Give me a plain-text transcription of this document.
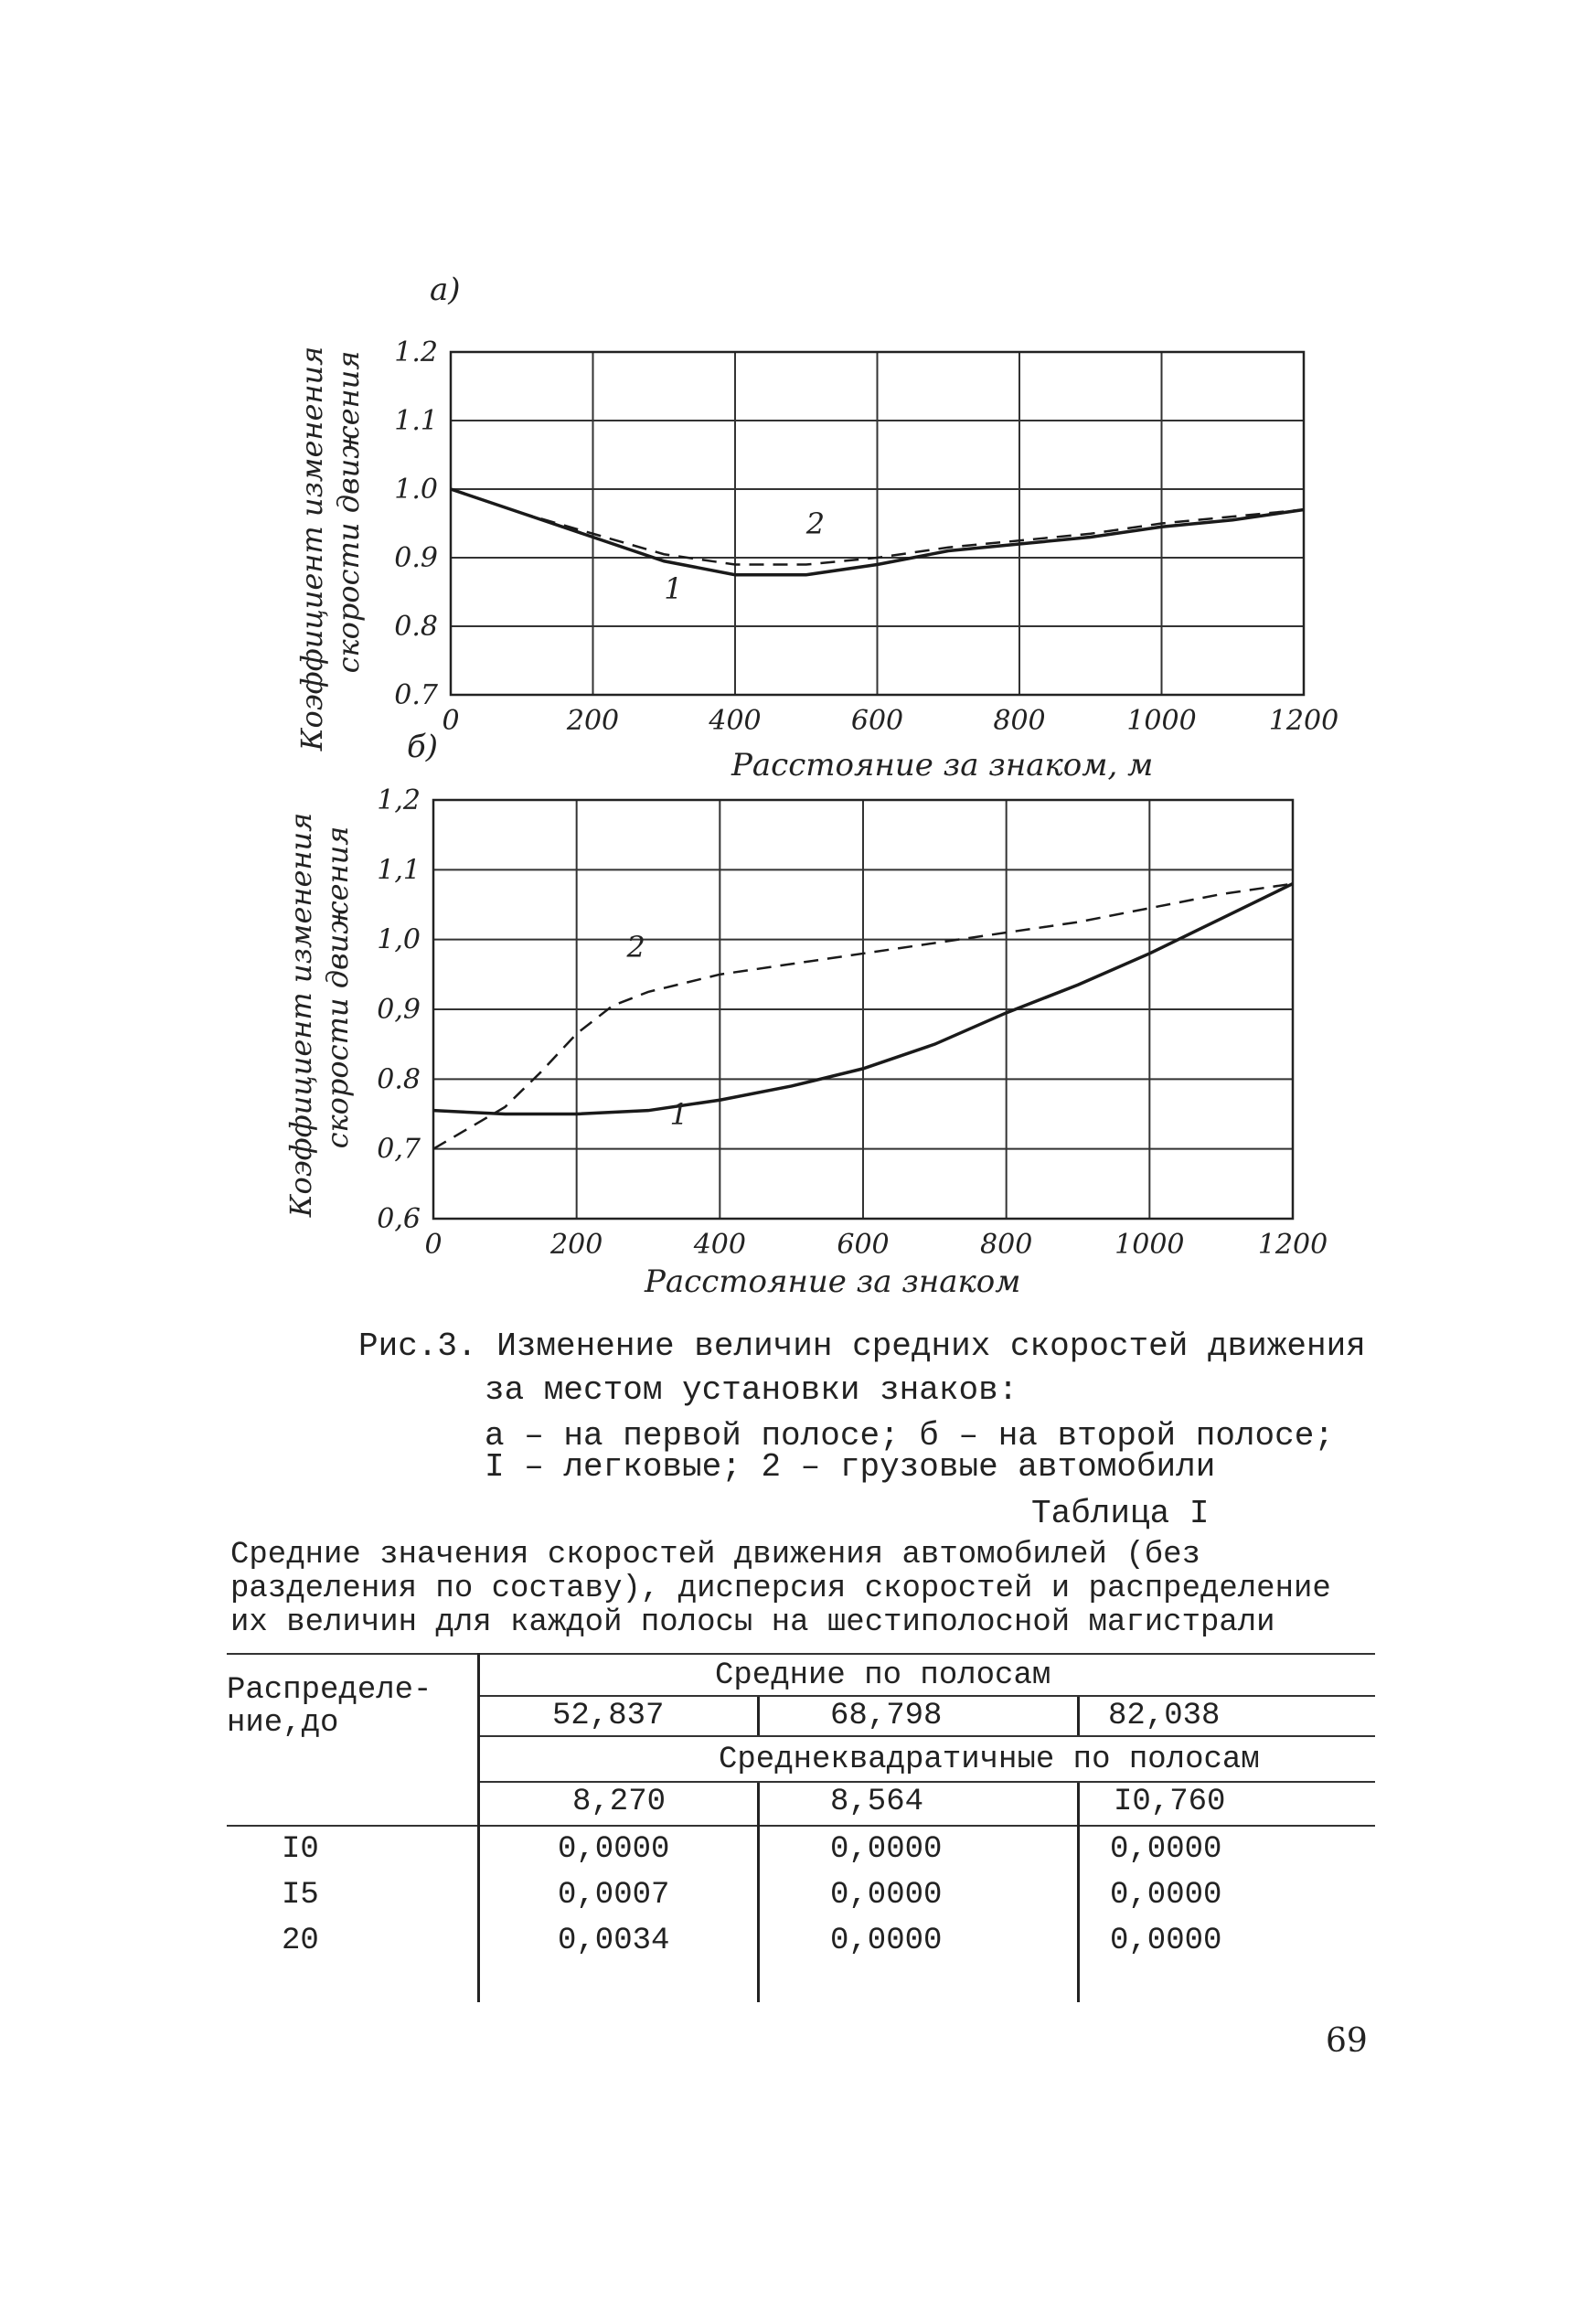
а)
Коэффициент изменения скорости движения
Расстояние за знаком, м
0	200	400	600	800	1000	1200
0.7
0.8
0.9
1.0
1.1
1.2
1
2
б)
Коэффициент изменения скорости движения
Расстояние за знаком
0	200	400	600	800	1000	1200
0,6
0,7
0.8
0,9
1,0
1,1
1,2
2
1
Рис.3. Изменение величин средних скоростей движения
за местом установки знаков:
а – на первой полосе; б – на второй полосе;
I – легковые; 2 – грузовые автомобили
Таблица I
Средние значения скоростей движения автомобилей (без разделения по составу), дисперсия скоростей и распределение их величин для каждой полосы на шестиполосной магистрали
Распределе-
ние,до
Средние по полосам
52,837	68,798	82,038
Среднеквадратичные по полосам
8,270	8,564	I0,760
I0	0,0000	0,0000	0,0000
I5	0,0007	0,0000	0,0000
20	0,0034	0,0000	0,0000
69
